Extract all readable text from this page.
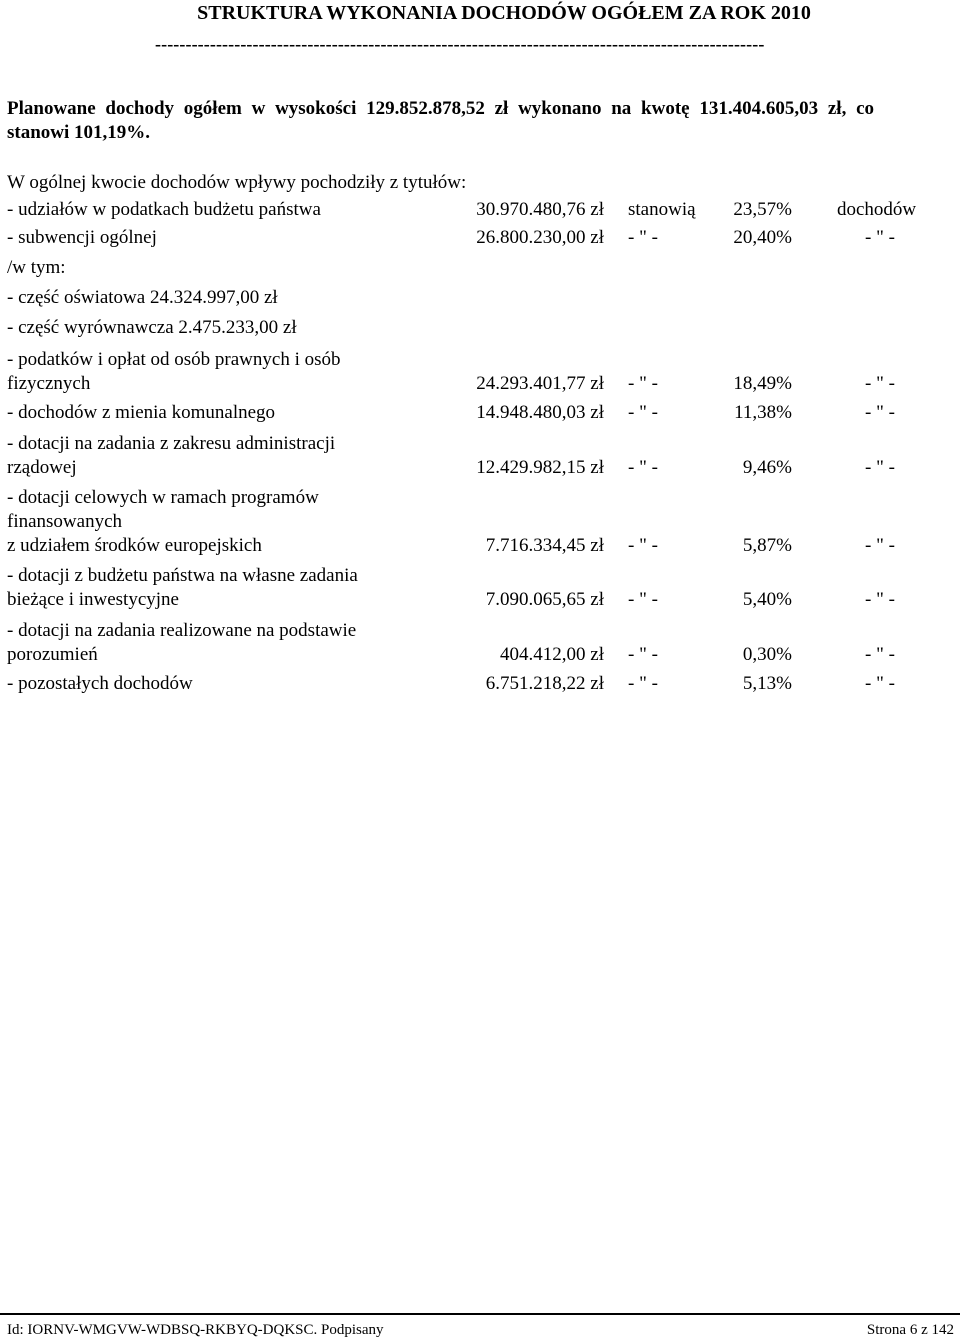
STRUKTURA WYKONANIA DOCHODÓW OGÓŁEM ZA ROK 2010
----------------------------------------------------------------------------------------------------
Planowane dochody ogółem w wysokości 129.852.878,52 zł wykonano na kwotę 131.404.605,03 zł, co
stanowi 101,19%.
W ogólnej kwocie dochodów wpływy pochodziły z tytułów:
- udziałów w podatkach budżetu państwa	30.970.480,76 zł stanowią 23,57% dochodów
- subwencji ogólnej	26.800.230,00 zł - " -	20,40%	- " -
/w tym:
- część oświatowa 24.324.997,00 zł
- część wyrównawcza 2.475.233,00 zł
- podatków i opłat od osób prawnych i osób
fizycznych	24.293.401,77 zł - " -	18,49%	- " -
- dochodów z mienia komunalnego	14.948.480,03 zł - " -	11,38%	- " -
- dotacji na zadania z zakresu administracji
rządowej	12.429.982,15 zł - " -	9,46%	- " -
- dotacji celowych w ramach programów
finansowanych
z udziałem środków europejskich	7.716.334,45 zł - " -	5,87%	- " -
- dotacji z budżetu państwa na własne zadania
bieżące i inwestycyjne	7.090.065,65 zł - " -	5,40%	- " -
- dotacji na zadania realizowane na podstawie
porozumień	404.412,00 zł - " -	0,30%	- " -
- pozostałych dochodów	6.751.218,22 zł - " -	5,13%	- " -
Id: IORNV-WMGVW-WDBSQ-RKBYQ-DQKSC. Podpisany	Strona 6 z 142
